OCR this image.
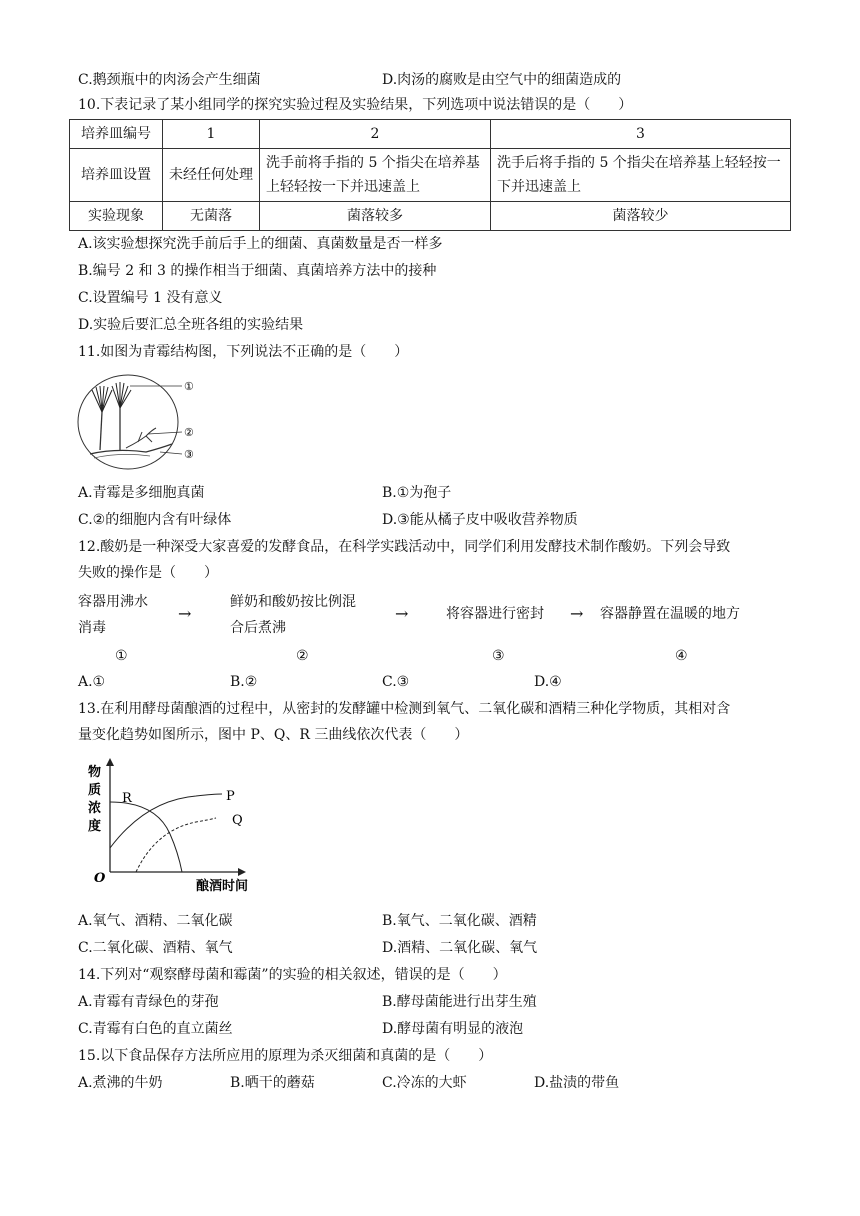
C.鹅颈瓶中的肉汤会产生细菌	D.肉汤的腐败是由空气中的细菌造成的
10.下表记录了某小组同学的探究实验过程及实验结果，下列选项中说法错误的是（　　）
培养皿编号	1	2	3
培养皿设置	未经任何处理	洗手前将手指的 5 个指尖在培养基上轻轻按一下并迅速盖上	洗手后将手指的 5 个指尖在培养基上轻轻按一下并迅速盖上
实验现象	无菌落	菌落较多	菌落较少
A.该实验想探究洗手前后手上的细菌、真菌数量是否一样多
B.编号 2 和 3 的操作相当于细菌、真菌培养方法中的接种
C.设置编号 1 没有意义
D.实验后要汇总全班各组的实验结果
11.如图为青霉结构图，下列说法不正确的是（　　）
①
②
③
A.青霉是多细胞真菌	B.①为孢子
C.②的细胞内含有叶绿体	D.③能从橘子皮中吸收营养物质
12.酸奶是一种深受大家喜爱的发酵食品，在科学实践活动中，同学们利用发酵技术制作酸奶。下列会导致
失败的操作是（　　）
容器用沸水
消毒
→
鲜奶和酸奶按比例混
合后煮沸
→	将容器进行密封 → 容器静置在温暖的地方
①	②	③	④
A.①	B.②	C.③	D.④
13.在利用酵母菌酿酒的过程中，从密封的发酵罐中检测到氧气、二氧化碳和酒精三种化学物质，其相对含
量变化趋势如图所示，图中 P、Q、R 三曲线依次代表（　　）
物
质
浓
度
O
酿酒时间
P
Q
R
A.氧气、酒精、二氧化碳	B.氧气、二氧化碳、酒精
C.二氧化碳、酒精、氧气	D.酒精、二氧化碳、氧气
14.下列对“观察酵母菌和霉菌”的实验的相关叙述，错误的是（　　）
A.青霉有青绿色的芽孢	B.酵母菌能进行出芽生殖
C.青霉有白色的直立菌丝	D.酵母菌有明显的液泡
15.以下食品保存方法所应用的原理为杀灭细菌和真菌的是（　　）
A.煮沸的牛奶	B.晒干的蘑菇	C.冷冻的大虾	D.盐渍的带鱼
